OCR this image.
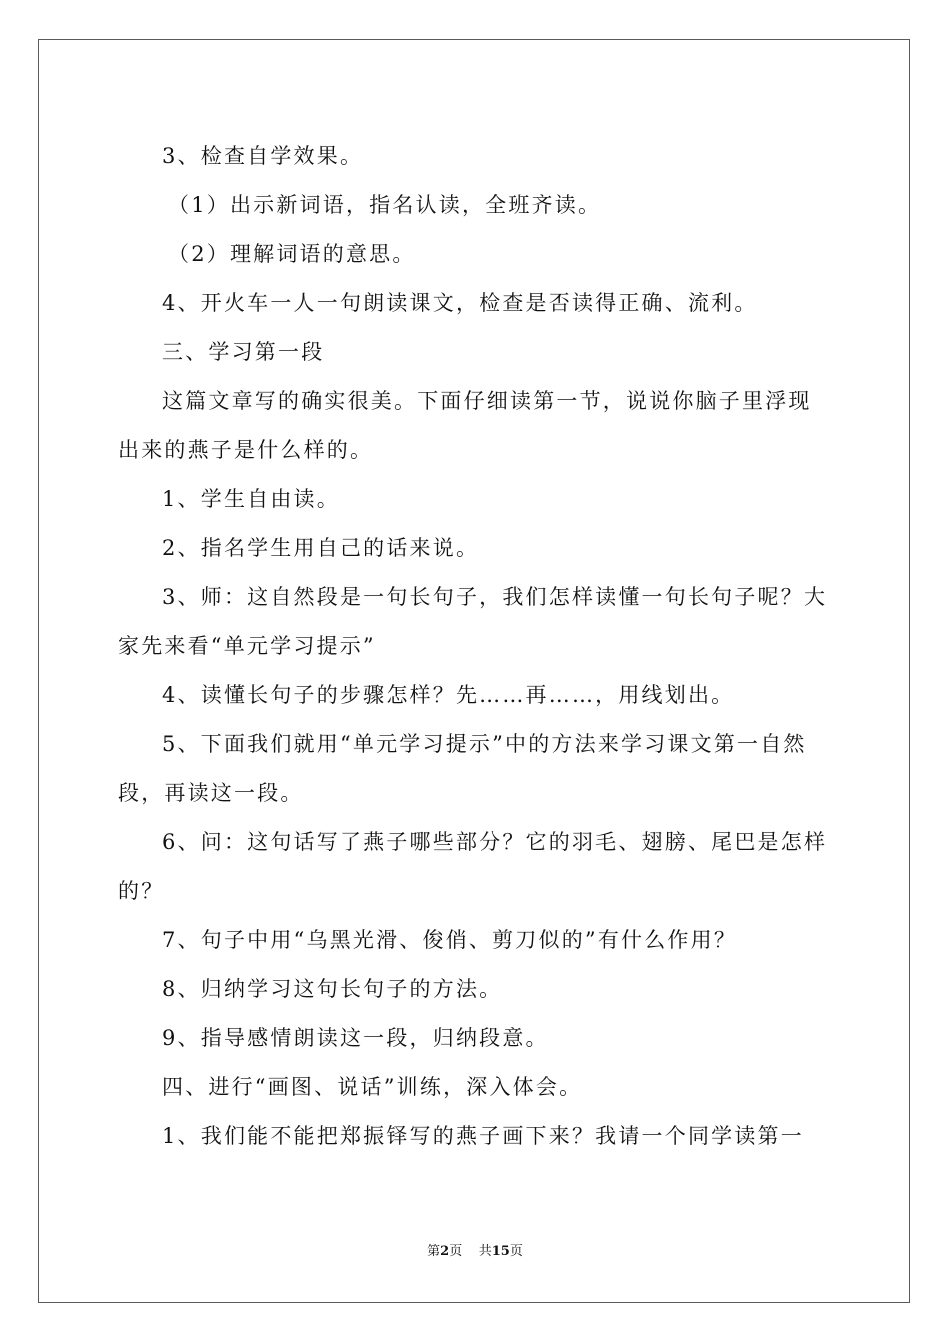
3、检查自学效果。

（1）出示新词语，指名认读，全班齐读。

（2）理解词语的意思。

4、开火车一人一句朗读课文，检查是否读得正确、流利。

三、学习第一段

这篇文章写的确实很美。下面仔细读第一节，说说你脑子里浮现出来的燕子是什么样的。

1、学生自由读。

2、指名学生用自己的话来说。

3、师：这自然段是一句长句子，我们怎样读懂一句长句子呢？大家先来看“单元学习提示”

4、读懂长句子的步骤怎样？先……再……，用线划出。

5、下面我们就用“单元学习提示”中的方法来学习课文第一自然段，再读这一段。

6、问：这句话写了燕子哪些部分？它的羽毛、翅膀、尾巴是怎样的？

7、句子中用“乌黑光滑、俊俏、剪刀似的”有什么作用？

8、归纳学习这句长句子的方法。

9、指导感情朗读这一段，归纳段意。

四、进行“画图、说话”训练，深入体会。

1、我们能不能把郑振铎写的燕子画下来？我请一个同学读第一

第2页 共15页
